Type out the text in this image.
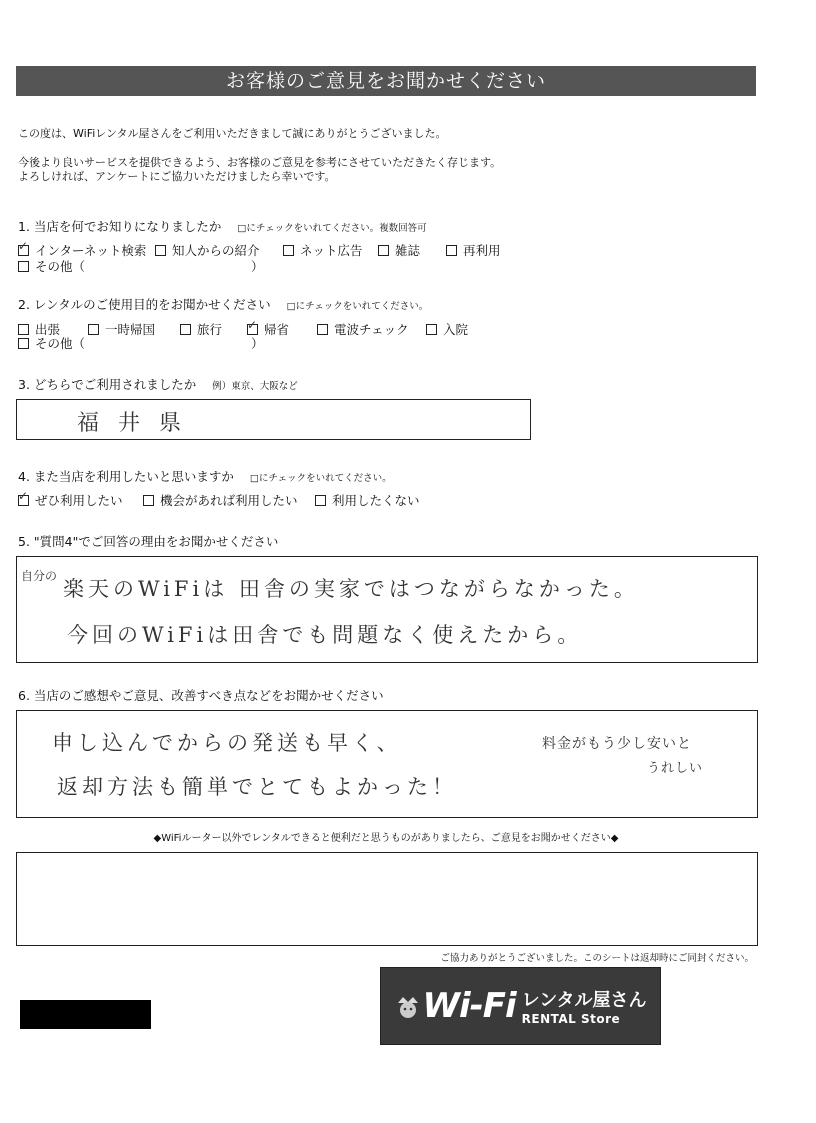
お客様のご意見をお聞かせください
この度は、WiFiレンタル屋さんをご利用いただきまして誠にありがとうございました。
今後より良いサービスを提供できるよう、お客様のご意見を参考にさせていただきたく存じます。
よろしければ、アンケートにご協力いただけましたら幸いです。
1. 当店を何でお知りになりましたか □にチェックをいれてください。複数回答可
✓インターネット検索	知人からの紹介	ネット広告	雑誌	再利用
その他（	）
2. レンタルのご使用目的をお聞かせください □にチェックをいれてください。
出張	一時帰国	旅行
✓	帰省	電波チェック	入院
その他（	）
3. どちらでご利用されましたか 例）東京、大阪など
福 井 県
4. また当店を利用したいと思いますか □にチェックをいれてください。
✓ぜひ利用したい	機会があれば利用したい	利用したくない
5. "質問4"でご回答の理由をお聞かせください
自分の
楽天のWiFiは 田舎の実家ではつながらなかった。
今回のWiFiは田舎でも問題なく使えたから。
6. 当店のご感想やご意見、改善すべき点などをお聞かせください
申し込んでからの発送も早く、
返却方法も簡単でとてもよかった！
料金がもう少し安いと
うれしい
◆WiFiルーター以外でレンタルできると便利だと思うものがありましたら、ご意見をお聞かせください◆
ご協力ありがとうございました。このシートは返却時にご同封ください。
Wi-Fi レンタル屋さん
RENTAL Store
